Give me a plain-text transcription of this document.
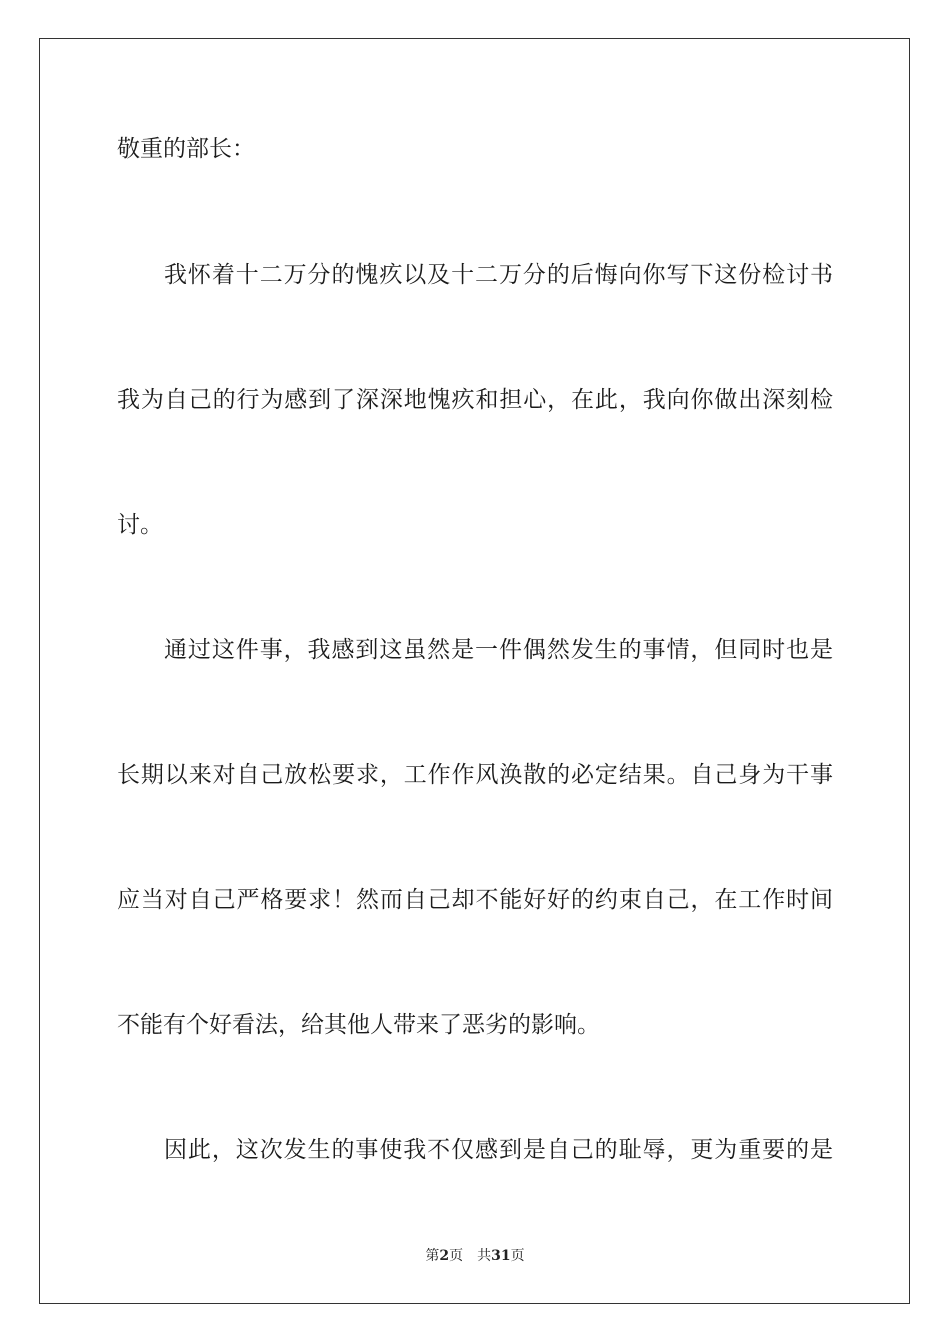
敬重的部长：
我怀着十二万分的愧疚以及十二万分的后悔向你写下这份检讨书
我为自己的行为感到了深深地愧疚和担心，在此，我向你做出深刻检
讨。
通过这件事，我感到这虽然是一件偶然发生的事情，但同时也是
长期以来对自己放松要求，工作作风涣散的必定结果。自己身为干事
应当对自己严格要求！然而自己却不能好好的约束自己，在工作时间
不能有个好看法，给其他人带来了恶劣的影响。
因此，这次发生的事使我不仅感到是自己的耻辱，更为重要的是
第2页 共31页
